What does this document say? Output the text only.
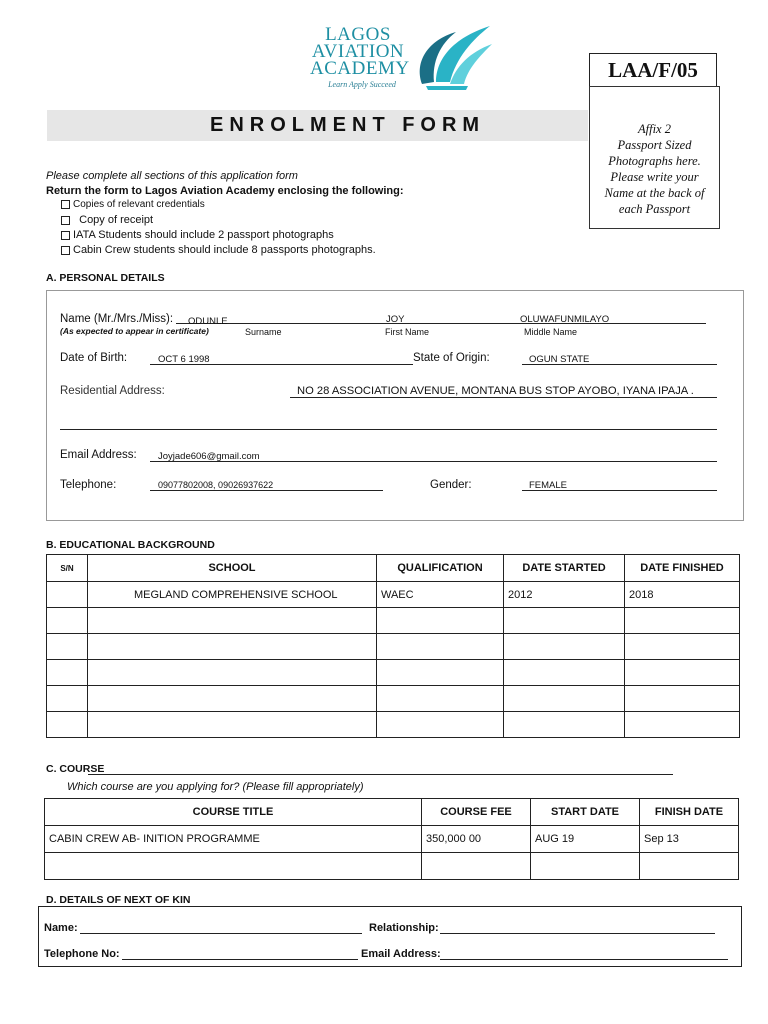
LAGOS
AVIATION
ACADEMY
Learn Apply Succeed
LAA/F/05
Affix 2
Passport Sized
Photographs here.
Please write your
Name at the back of
each Passport
ENROLMENT FORM
Please complete all sections of this application form
Return the form to Lagos Aviation Academy enclosing the following:
Copies of relevant credentials
Copy of receipt
IATA Students should include 2 passport photographs
Cabin Crew students should include 8 passports photographs.
A. PERSONAL DETAILS
Name (Mr./Mrs./Miss):
(As expected to appear in certificate)
ODUNLE	JOY	OLUWAFUNMILAYO
Surname	First Name	Middle Name
Date of Birth:	OCT 6 1998	State of Origin:	OGUN STATE
Residential Address:	NO 28 ASSOCIATION AVENUE, MONTANA BUS STOP AYOBO, IYANA IPAJA .
Email Address: Joyjade606@gmail.com
Telephone:	09077802008, 09026937622	Gender:	FEMALE
B. EDUCATIONAL BACKGROUND
S/N	SCHOOL	QUALIFICATION	DATE STARTED	DATE FINISHED
	MEGLAND COMPREHENSIVE SCHOOL	WAEC	2012	2018

C. COURSE
Which course are you applying for? (Please fill appropriately)
COURSE TITLE	COURSE FEE	START DATE	FINISH DATE
CABIN CREW AB- INITION PROGRAMME	350,000 00	AUG 19	Sep 13

D. DETAILS OF NEXT OF KIN
Name:	Relationship:
Telephone No:	Email Address:
